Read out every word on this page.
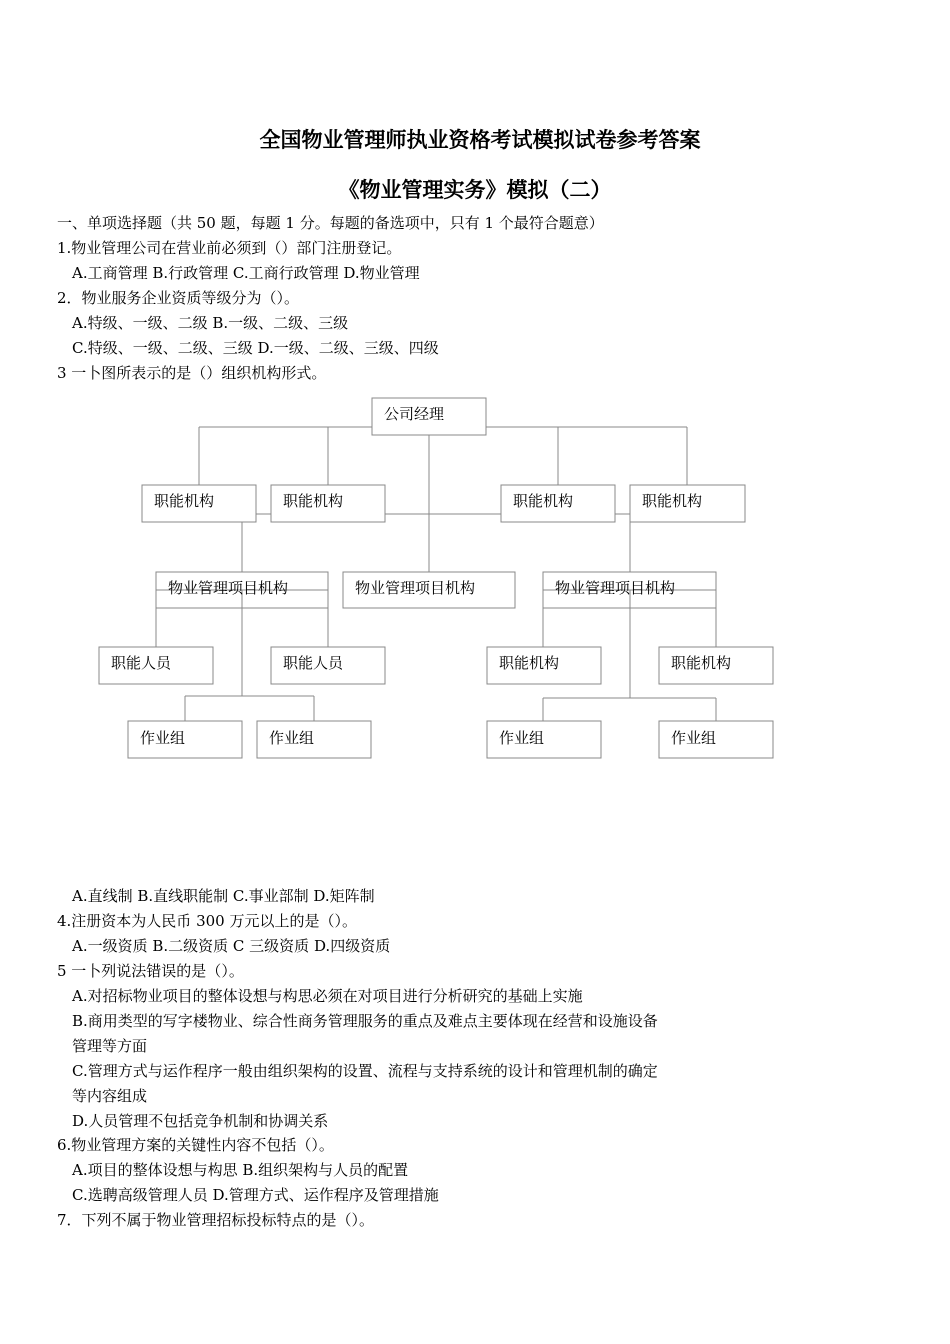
全国物业管理师执业资格考试模拟试卷参考答案
《物业管理实务》模拟（二）
一、单项选择题（共 50 题，每题 1 分。每题的备选项中，只有 1 个最符合题意）
1.物业管理公司在营业前必须到（）部门注册登记。
A.工商管理 B.行政管理 C.工商行政管理 D.物业管理
2．物业服务企业资质等级分为（）。
A.特级、一级、二级 B.一级、二级、三级
C.特级、一级、二级、三级 D.一级、二级、三级、四级
3 一卜图所表示的是（）组织机构形式。
公司经理
职能机构	职能机构	职能机构	职能机构
物业管理项目机构	物业管理项目机构	物业管理项目机构
职能人员	职能人员	职能机构	职能机构
作业组	作业组	作业组	作业组
A.直线制 B.直线职能制 C.事业部制 D.矩阵制
4.注册资本为人民币 300 万元以上的是（）。
A.一级资质 B.二级资质 C 三级资质 D.四级资质
5 一卜列说法错误的是（）。
A.对招标物业项目的整体设想与构思必须在对项目进行分析研究的基础上实施
B.商用类型的写字楼物业、综合性商务管理服务的重点及难点主要体现在经营和设施设备
管理等方面
C.管理方式与运作程序一般由组织架构的设置、流程与支持系统的设计和管理机制的确定
等内容组成
D.人员管理不包括竞争机制和协调关系
6.物业管理方案的关键性内容不包括（）。
A.项目的整体设想与构思 B.组织架构与人员的配置
C.选聘高级管理人员 D.管理方式、运作程序及管理措施
7．下列不属于物业管理招标投标特点的是（）。
